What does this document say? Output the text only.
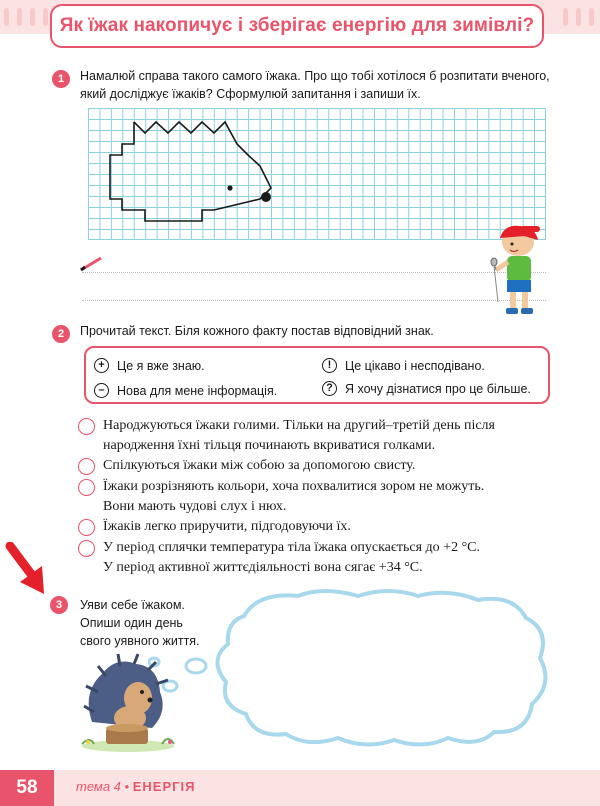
Як їжак накопичує і зберігає енергію для зимівлі?
1	Намалюй справа такого самого їжака. Про що тобі хотілося б розпитати вченого, який досліджує їжаків? Сформулюй запитання і запиши їх.
2	Прочитай текст. Біля кожного факту постав відповідний знак.
+ Це я вже знаю.
– Нова для мене інформація.
!	Це цікаво і несподівано.
? Я хочу дізнатися про це більше.
Народжуються їжаки голими. Тільки на другий–третій день після
народження їхні тільця починають вкриватися голками.
Спілкуються їжаки між собою за допомогою свисту.
Їжаки розрізняють кольори, хоча похвалитися зором не можуть.
Вони мають чудові слух і нюх.
Їжаків легко приручити, підгодовуючи їх.
У період сплячки температура тіла їжака опускається до +2 °С.
У період активної життєдіяльності вона сягає +34 °С.
3	Уяви себе їжаком.
Опиши один день
свого уявного життя.
58	тема 4 • ЕНЕРГІЯ
